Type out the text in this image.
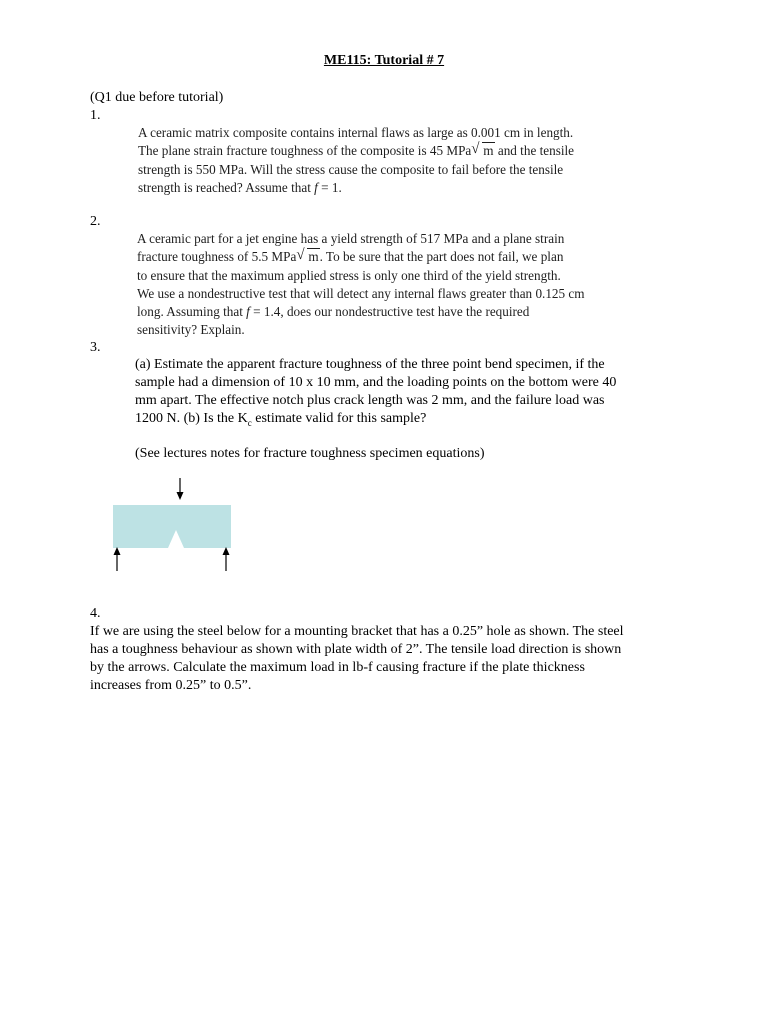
ME115: Tutorial # 7
(Q1 due before tutorial)
1.
A ceramic matrix composite contains internal flaws as large as 0.001 cm in length.
The plane strain fracture toughness of the composite is 45 MPa √ m and the tensile
strength is 550 MPa. Will the stress cause the composite to fail before the tensile
strength is reached? Assume that f = 1.
2.
A ceramic part for a jet engine has a yield strength of 517 MPa and a plane strain
fracture toughness of 5.5 MPa √ m. To be sure that the part does not fail, we plan
to ensure that the maximum applied stress is only one third of the yield strength.
We use a nondestructive test that will detect any internal flaws greater than 0.125 cm
long. Assuming that f = 1.4, does our nondestructive test have the required
sensitivity? Explain.
3.
(a) Estimate the apparent fracture toughness of the three point bend specimen, if the
sample had a dimension of 10 x 10 mm, and the loading points on the bottom were 40
mm apart. The effective notch plus crack length was 2 mm, and the failure load was
1200 N. (b) Is the $K_c$ estimate valid for this sample?
(See lectures notes for fracture toughness specimen equations)
4.
If we are using the steel below for a mounting bracket that has a 0.25” hole as shown. The steel
has a toughness behaviour as shown with plate width of 2”. The tensile load direction is shown
by the arrows. Calculate the maximum load in lb-f causing fracture if the plate thickness
increases from 0.25” to 0.5”.
